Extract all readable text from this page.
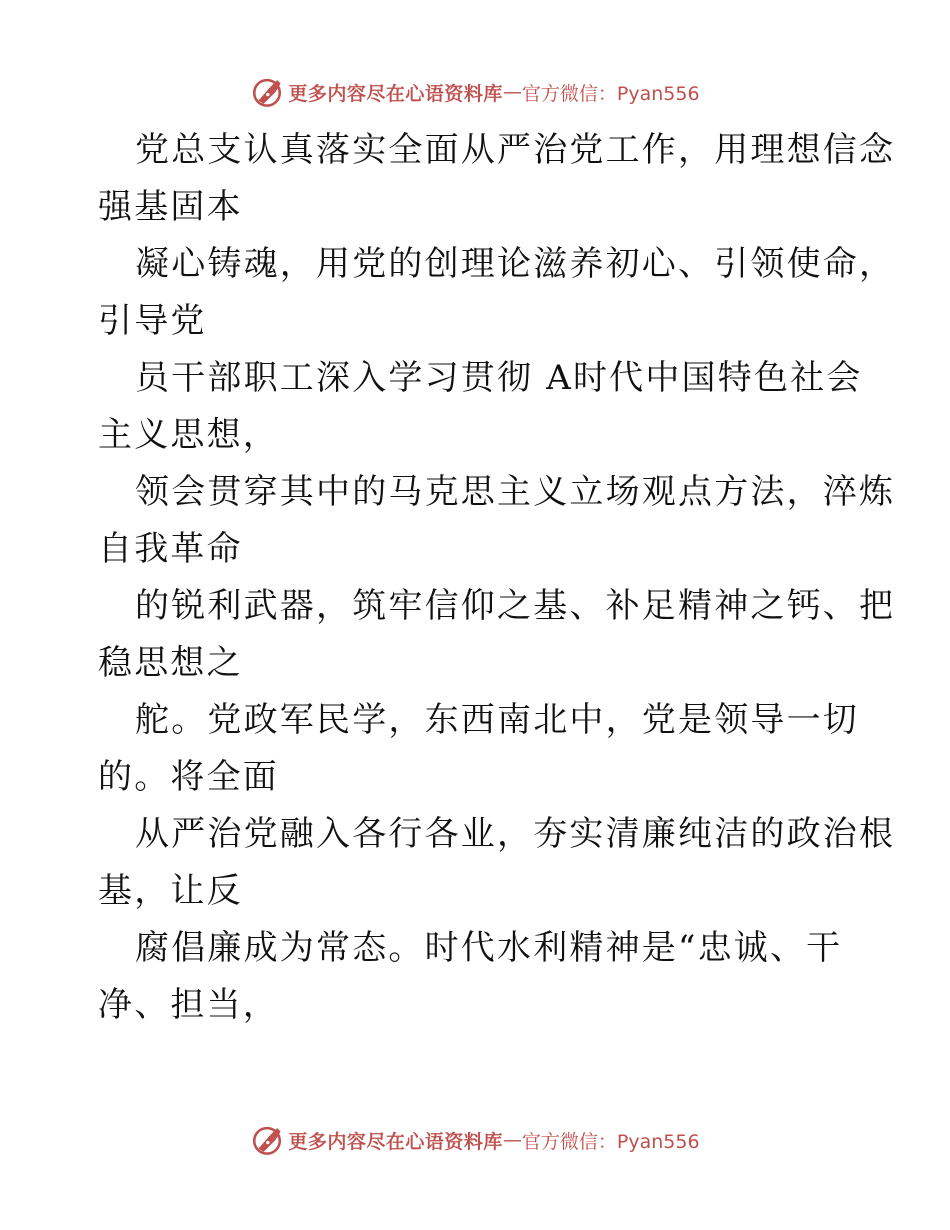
更多内容尽在心语资料库 — 官方微信：Pyan556

党总支认真落实全面从严治党工作，用理想信念
强基固本

凝心铸魂，用党的创理论滋养初心、引领使命，
引导党

员干部职工深入学习贯彻 A时代中国特色社会
主义思想，

领会贯穿其中的马克思主义立场观点方法，淬炼
自我革命

的锐利武器，筑牢信仰之基、补足精神之钙、把
稳思想之

舵。党政军民学，东西南北中，党是领导一切
的。将全面

从严治党融入各行各业，夯实清廉纯洁的政治根
基，让反

腐倡廉成为常态。时代水利精神是“忠诚、干
净、担当，

更多内容尽在心语资料库 — 官方微信：Pyan556
